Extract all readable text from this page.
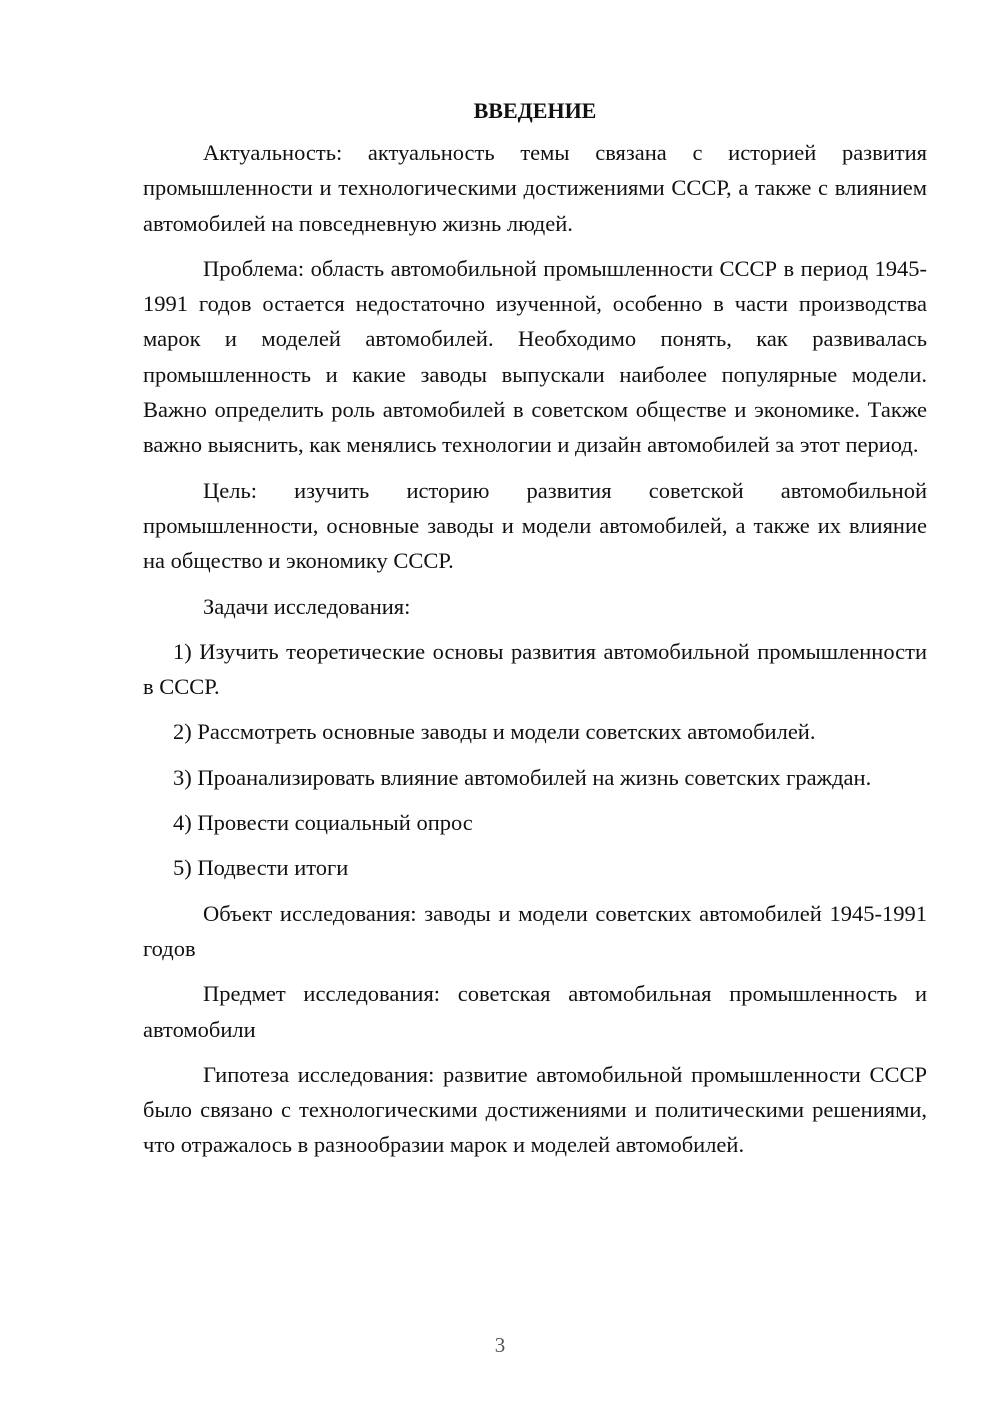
ВВЕДЕНИЕ

Актуальность: актуальность темы связана с историей развития промышленности и технологическими достижениями СССР, а также с влиянием автомобилей на повседневную жизнь людей.

Проблема: область автомобильной промышленности СССР в период 1945-1991 годов остается недостаточно изученной, особенно в части производства марок и моделей автомобилей. Необходимо понять, как развивалась промышленность и какие заводы выпускали наиболее популярные модели. Важно определить роль автомобилей в советском обществе и экономике. Также важно выяснить, как менялись технологии и дизайн автомобилей за этот период.

Цель: изучить историю развития советской автомобильной промышленности, основные заводы и модели автомобилей, а также их влияние на общество и экономику СССР.

Задачи исследования:

1) Изучить теоретические основы развития автомобильной промышленности в СССР.

2) Рассмотреть основные заводы и модели советских автомобилей.

3) Проанализировать влияние автомобилей на жизнь советских граждан.

4) Провести социальный опрос

5) Подвести итоги

Объект исследования: заводы и модели советских автомобилей 1945-1991 годов

Предмет исследования: советская автомобильная промышленность и автомобили

Гипотеза исследования: развитие автомобильной промышленности СССР было связано с технологическими достижениями и политическими решениями, что отражалось в разнообразии марок и моделей автомобилей.

3
